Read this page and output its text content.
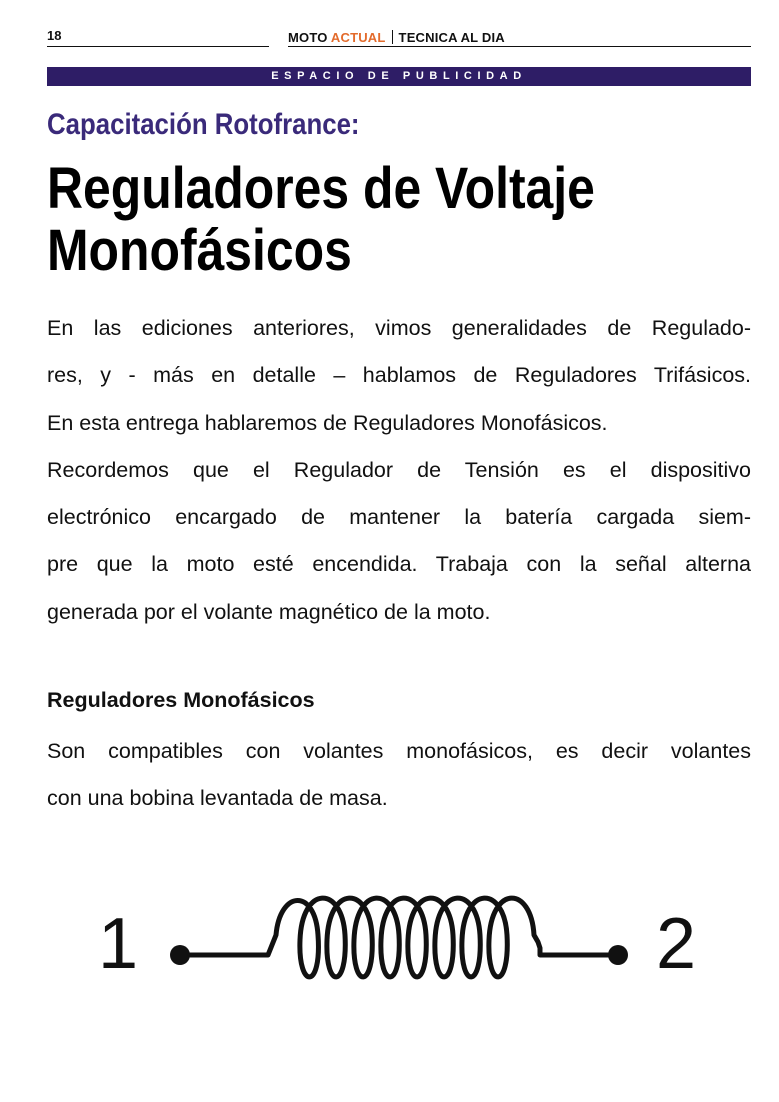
18	MOTO ACTUAL TECNICA AL DIA
ESPACIO DE PUBLICIDAD
Capacitación Rotofrance:
Reguladores de Voltaje
Monofásicos
En las ediciones anteriores, vimos generalidades de Regulado-
res, y - más en detalle – hablamos de Reguladores Trifásicos.
En esta entrega hablaremos de Reguladores Monofásicos.
Recordemos que el Regulador de Tensión es el dispositivo
electrónico encargado de mantener la batería cargada siem-
pre que la moto esté encendida. Trabaja con la señal alterna
generada por el volante magnético de la moto.
Reguladores Monofásicos
Son compatibles con volantes monofásicos, es decir volantes
con una bobina levantada de masa.
1	2
